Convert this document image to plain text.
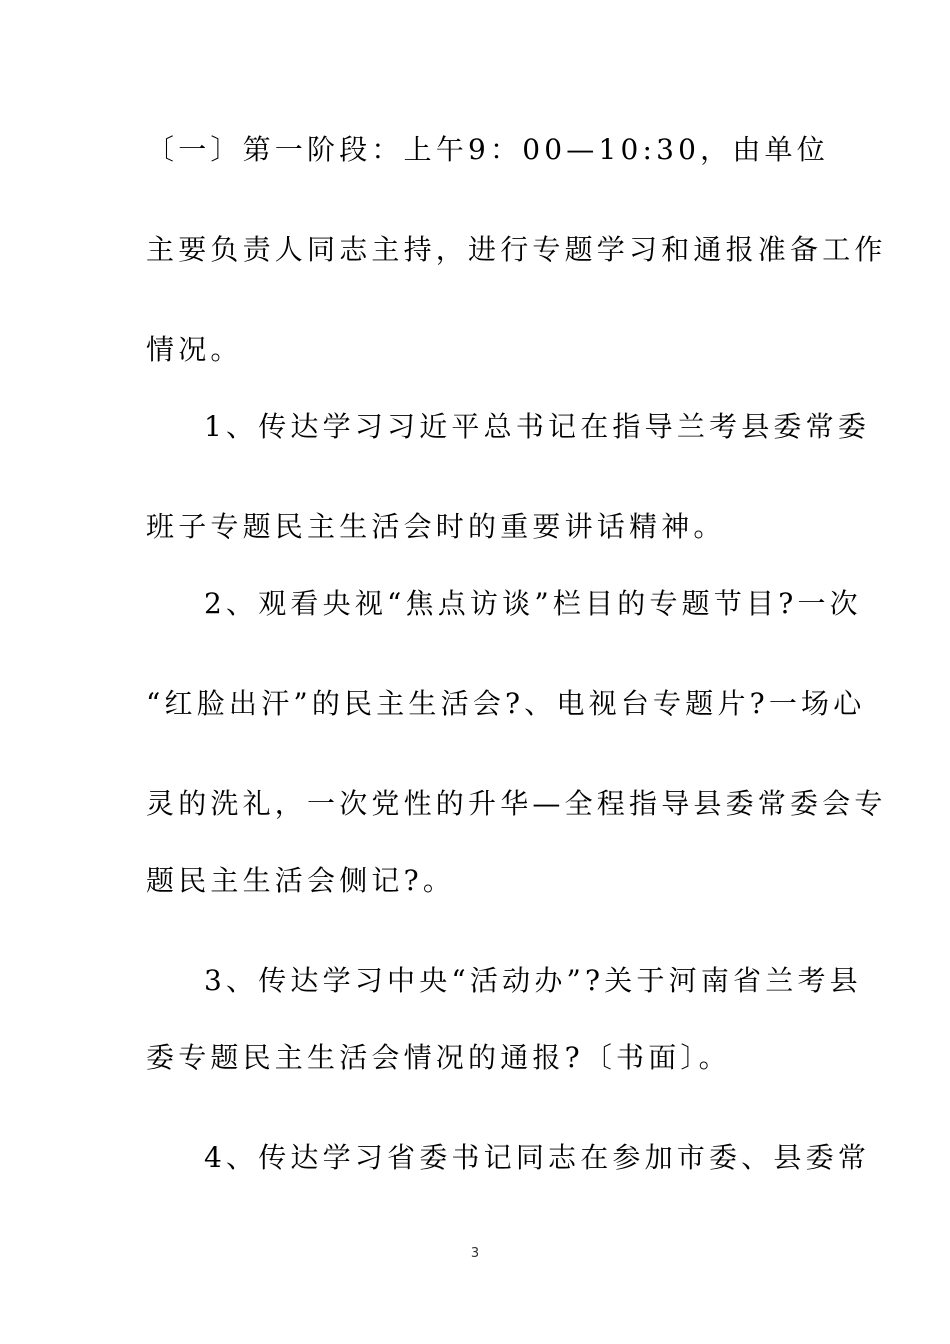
〔一〕第一阶段：上午9：00—10:30，由单位
主要负责人同志主持，进行专题学习和通报准备工作
情况。
1、传达学习习近平总书记在指导兰考县委常委
班子专题民主生活会时的重要讲话精神。
2、观看央视“焦点访谈”栏目的专题节目?一次
“红脸出汗”的民主生活会?、电视台专题片?一场心
灵的洗礼，一次党性的升华—全程指导县委常委会专
题民主生活会侧记?。
3、传达学习中央“活动办”?关于河南省兰考县
委专题民主生活会情况的通报?〔书面〕。
4、传达学习省委书记同志在参加市委、县委常
3
